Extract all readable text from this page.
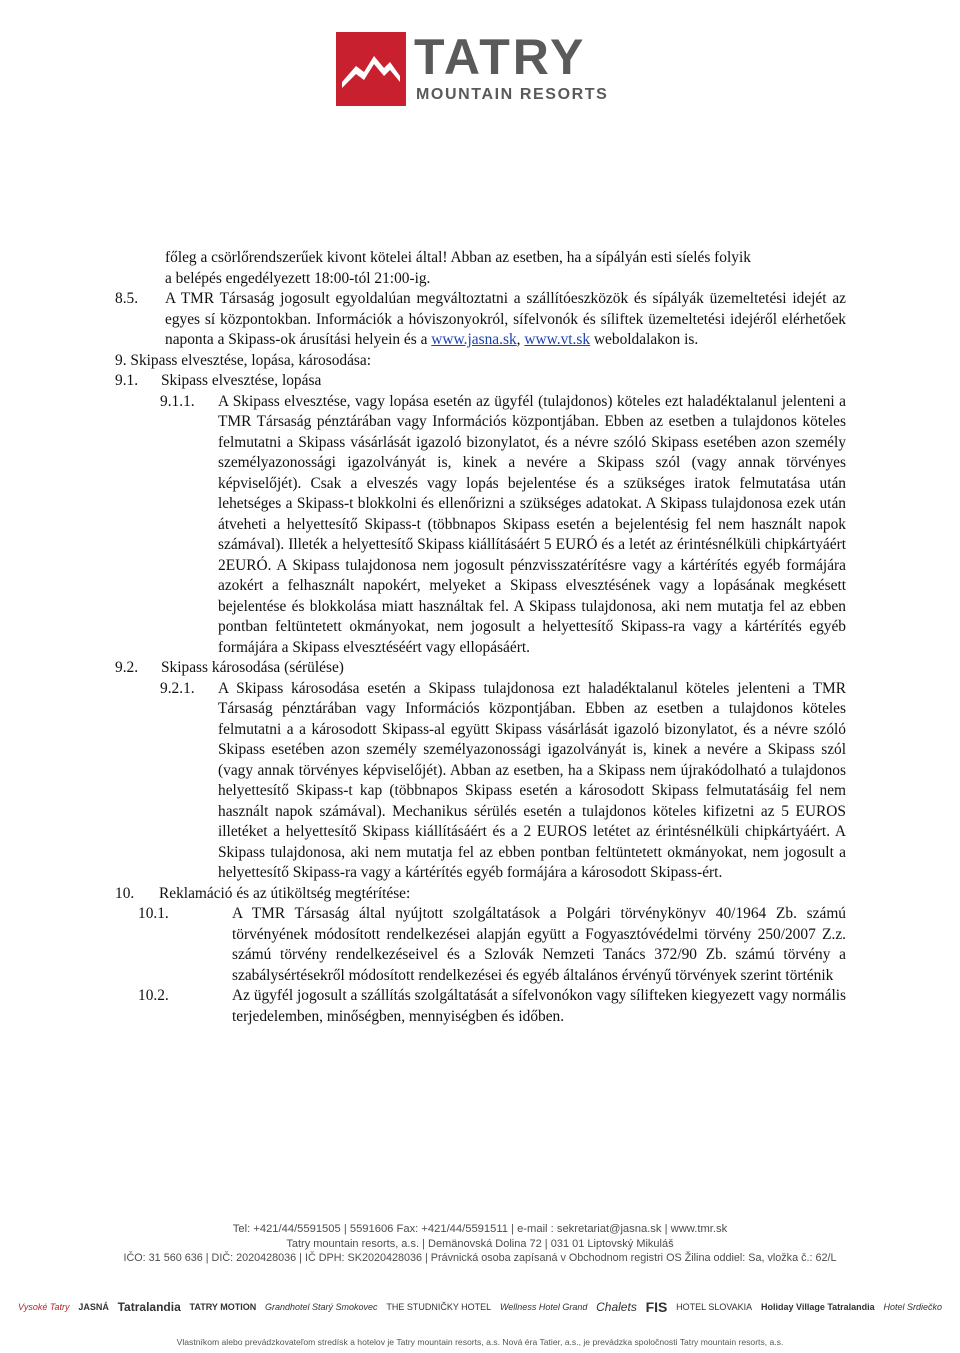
TATRY
MOUNTAIN RESORTS

főleg a csörlőrendszerűek kivont kötelei által! Abban az esetben, ha a sípályán esti síelés folyik

a belépés engedélyezett 18:00-tól 21:00-ig.

8.5.	A TMR Társaság jogosult egyoldalúan megváltoztatni a szállítóeszközök és sípályák üzemeltetési idejét az egyes sí központokban. Információk a hóviszonyokról, sífelvonók és síliftek üzemeltetési idejéről elérhetőek naponta a Skipass-ok árusítási helyein és a www.jasna.sk, www.vt.sk weboldalakon is.

9. Skipass elvesztése, lopása, károsodása:

9.1.	Skipass elvesztése, lopása
9.1.1.	A Skipass elvesztése, vagy lopása esetén az ügyfél (tulajdonos) köteles ezt haladéktalanul jelenteni a TMR Társaság pénztárában vagy Információs központjában. Ebben az esetben a tulajdonos köteles felmutatni a Skipass vásárlását igazoló bizonylatot, és a névre szóló Skipass esetében azon személy személyazonossági igazolványát is, kinek a nevére a Skipass szól (vagy annak törvényes képviselőjét). Csak a elveszés vagy lopás bejelentése és a szükséges iratok felmutatása után lehetséges a Skipass-t blokkolni és ellenőrizni a szükséges adatokat. A Skipass tulajdonosa ezek után átveheti a helyettesítő Skipass-t (többnapos Skipass esetén a bejelentésig fel nem használt napok számával). Illeték a helyettesítő Skipass kiállításáért 5 EURÓ és a letét az érintésnélküli chipkártyáért 2EURÓ. A Skipass tulajdonosa nem jogosult pénzvisszatérítésre vagy a kártérítés egyéb formájára azokért a felhasznált napokért, melyeket a Skipass elvesztésének vagy a lopásának megkésett bejelentése és blokkolása miatt használtak fel. A Skipass tulajdonosa, aki nem mutatja fel az ebben pontban feltüntetett okmányokat, nem jogosult a helyettesítő Skipass-ra vagy a kártérítés egyéb formájára a Skipass elvesztéséért vagy ellopásáért.
9.2.	Skipass károsodása (sérülése)
9.2.1.	A Skipass károsodása esetén a Skipass tulajdonosa ezt haladéktalanul köteles jelenteni a TMR Társaság pénztárában vagy Információs központjában. Ebben az esetben a tulajdonos köteles felmutatni a a károsodott Skipass-al együtt Skipass vásárlását igazoló bizonylatot, és a névre szóló Skipass esetében azon személy személyazonossági igazolványát is, kinek a nevére a Skipass szól (vagy annak törvényes képviselőjét). Abban az esetben, ha a Skipass nem újrakódolható a tulajdonos helyettesítő Skipass-t kap (többnapos Skipass esetén a károsodott Skipass felmutatásáig fel nem használt napok számával). Mechanikus sérülés esetén a tulajdonos köteles kifizetni az 5 EUROS illetéket a helyettesítő Skipass kiállításáért és a 2 EUROS letétet az érintésnélküli chipkártyáért. A Skipass tulajdonosa, aki nem mutatja fel az ebben pontban feltüntetett okmányokat, nem jogosult a helyettesítő Skipass-ra vagy a kártérítés egyéb formájára a károsodott Skipass-ért.
10.	Reklamáció és az útiköltség megtérítése:
10.1.	A TMR Társaság által nyújtott szolgáltatások a Polgári törvénykönyv 40/1964 Zb. számú törvényének módosított rendelkezései alapján együtt a Fogyasztóvédelmi törvény 250/2007 Z.z. számú törvény rendelkezéseivel és a Szlovák Nemzeti Tanács 372/90 Zb. számú törvény a szabálysértésekről módosított rendelkezései és egyéb általános érvényű törvények szerint történik
10.2.	Az ügyfél jogosult a szállítás szolgáltatását a sífelvonókon vagy sílifteken kiegyezett vagy normális terjedelemben, minőségben, mennyiségben és időben.

Tel: +421/44/5591505 | 5591606 Fax: +421/44/5591511 | e-mail : sekretariat@jasna.sk | www.tmr.sk

Tatry mountain resorts, a.s. | Demänovská Dolina 72 | 031 01 Liptovský Mikuláš

IČO: 31 560 636 | DIČ: 2020428036 | IČ DPH: SK2020428036 | Právnická osoba zapísaná v Obchodnom registri OS Žilina oddiel: Sa, vložka č.: 62/L

Vysoké Tatry JASNÁ Tatralandia TATRY MOTION Grandhotel Starý Smokovec THE STUDNIČKY HOTEL Wellness Hotel Grand Chalets FIS HOTEL SLOVAKIA Holiday Village Tatralandia Hotel Srdiečko
Vlastníkom alebo prevádzkovateľom stredísk a hotelov je Tatry mountain resorts, a.s. Nová éra Tatier, a.s., je prevádzka spoločnosti Tatry mountain resorts, a.s.
